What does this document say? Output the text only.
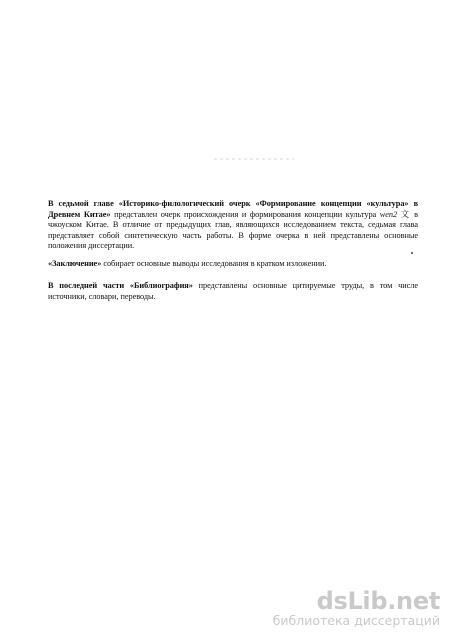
В седьмой главе «Историко-филологический очерк «Формирование концепции «культура» в Древнем Китае» представлен очерк происхождения и формирования концепции культура wen2 文 в чжоуском Китае. В отличие от предыдущих глав, являющихся исследованием текста, седьмая глава представляет собой синтетическую часть работы. В форме очерка в ней представлены основные положения диссертации.
«Заключение» собирает основные выводы исследования в кратком изложении.
В последней части «Библиография» представлены основные цитируемые труды, в том числе источники, словари, переводы.
dsLib.net
библиотека диссертаций
